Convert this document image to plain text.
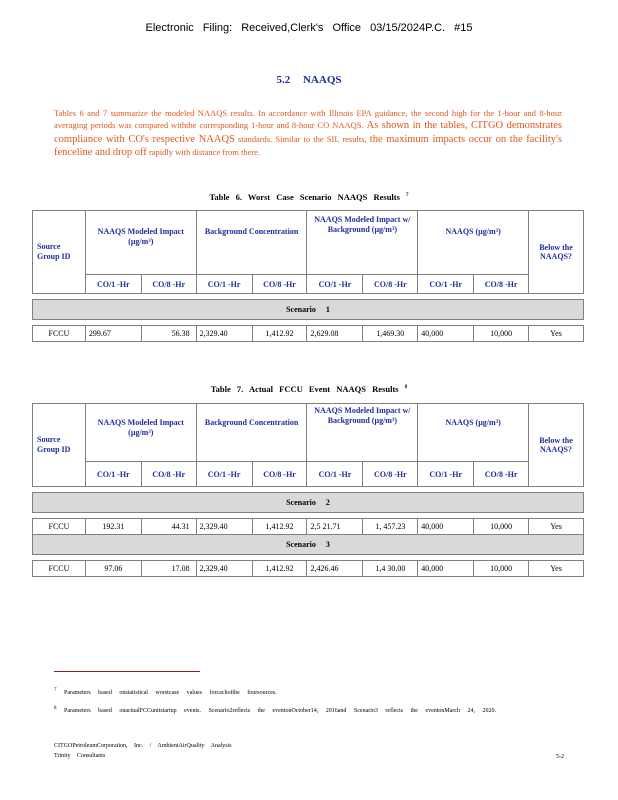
Electronic Filing: Received,Clerk's Office 03/15/2024P.C. #15
5.2 NAAQS
Tables 6 and 7 summarize the modeled NAAQS results. In accordance with Illinois EPA guidance, the second high for the 1-hour and 8-hour averaging periods was compared withthe corresponding 1-hour and 8-hour CO NAAQS. As shown in the tables, CITGO demonstrates compliance with CO's respective NAAQS standards. Similar to the SIL results, the maximum impacts occur on the facility's fenceline and drop off rapidly with distance from there.
Table 6. Worst Case Scenario NAAQS Results $^7$
Source Group ID	NAAQS Modeled Impact (µg/m³)		Background Concentration		NAAQS Modeled Impact w/ Background (µg/m³)		NAAQS (µg/m³)		Below the NAAQS?
	CO/1 -Hr	CO/8 -Hr	CO/1 -Hr	CO/8 -Hr	CO/1 -Hr	CO/8 -Hr	CO/1 -Hr	CO/8 -Hr	

Scenario 1									

FCCU	299.67	56.38	2,329.40	1,412.92	2,629.08	1,469.30	40,000	10,000	Yes
Table 7. Actual FCCU Event NAAQS Results $^8$
Source Group ID	NAAQS Modeled Impact (µg/m³)		Background Concentration		NAAQS Modeled Impact w/ Background (µg/m³)		NAAQS (µg/m³)		Below the NAAQS?
	CO/1 -Hr	CO/8 -Hr	CO/1 -Hr	CO/8 -Hr	CO/1 -Hr	CO/8 -Hr	CO/1 -Hr	CO/8 -Hr	

Scenario 2									

FCCU	192.31	44.31	2,329.40	1,412.92	2,5 21.71	1, 457.23	40,000	10,000	Yes
Scenario 3									

FCCU	97.06	17.08	2,329.40	1,412.92	2,426.46	1,4 30.00	40,000	10,000	Yes
$^7$ Parameters based onstatistical worstcase values forcachofthe foursources.
$^8$ Parameters based onactualFCCunitstartup events. Scenario2reflects the eventonOctober14, 2016and Scenario3 reflects the eventonMarch 24, 2020.
CITGOPetroleumCorporation, Inc. / AmbientAirQuality Analysis
Trinity Consultants	5-2
